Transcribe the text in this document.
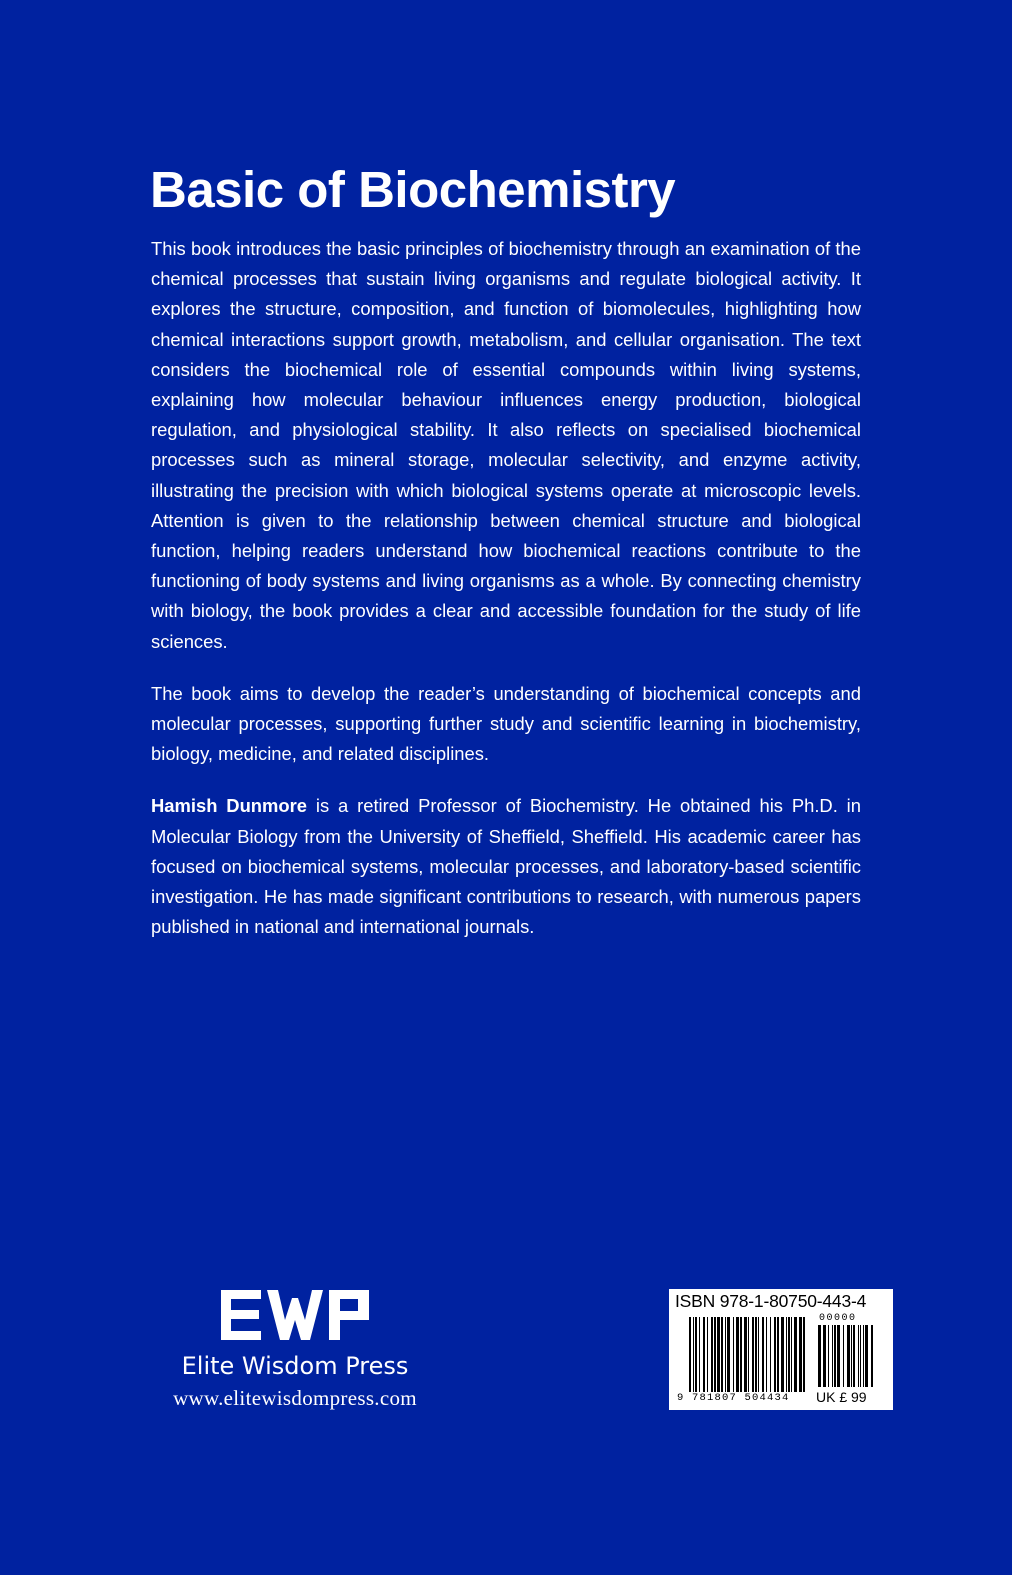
Basic of Biochemistry

This book introduces the basic principles of biochemistry through an examination of the chemical processes that sustain living organisms and regulate biological activity. It explores the structure, composition, and function of biomolecules, highlighting how chemical interactions support growth, metabolism, and cellular organisation. The text considers the biochemical role of essential compounds within living systems, explaining how molecular behaviour influences energy production, biological regulation, and physiological stability. It also reflects on specialised biochemical processes such as mineral storage, molecular selectivity, and enzyme activity, illustrating the precision with which biological systems operate at microscopic levels. Attention is given to the relationship between chemical structure and biological function, helping readers understand how biochemical reactions contribute to the functioning of body systems and living organisms as a whole. By connecting chemistry with biology, the book provides a clear and accessible foundation for the study of life sciences.

The book aims to develop the reader’s understanding of biochemical concepts and molecular processes, supporting further study and scientific learning in biochemistry, biology, medicine, and related disciplines.

Hamish Dunmore is a retired Professor of Biochemistry. He obtained his Ph.D. in Molecular Biology from the University of Sheffield, Sheffield. His academic career has focused on biochemical systems, molecular processes, and laboratory-based scientific investigation. He has made significant contributions to research, with numerous papers published in national and international journals.

Elite Wisdom Press
www.elitewisdompress.com
ISBN 978-1-80750-443-4
00000
9 781807 504434 UK £ 99
